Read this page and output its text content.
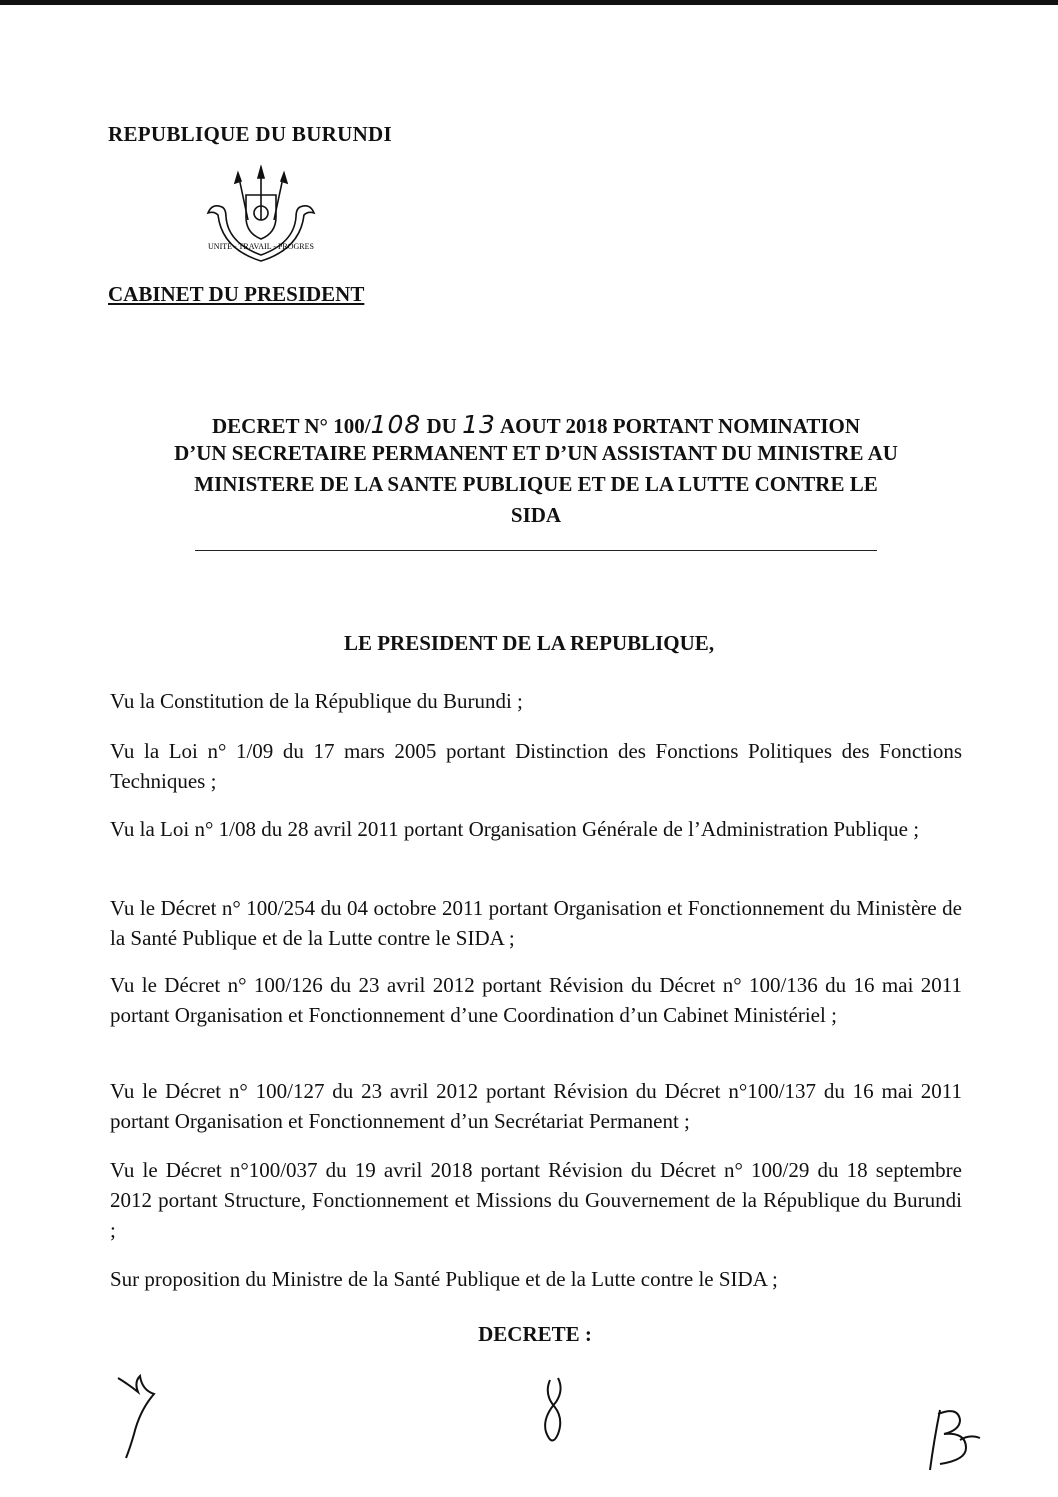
REPUBLIQUE DU BURUNDI
UNITE - TRAVAIL - PROGRES
CABINET DU PRESIDENT
DECRET N° 100/108 DU 13 AOUT 2018 PORTANT NOMINATION
D’UN SECRETAIRE PERMANENT ET D’UN ASSISTANT DU MINISTRE AU
MINISTERE DE LA SANTE PUBLIQUE ET DE LA LUTTE CONTRE LE
SIDA
LE PRESIDENT DE LA REPUBLIQUE,
Vu la Constitution de la République du Burundi ;
Vu la Loi n° 1/09 du 17 mars 2005 portant Distinction des Fonctions Politiques des Fonctions Techniques ;
Vu la Loi n° 1/08 du 28 avril 2011 portant Organisation Générale de l’Administration Publique ;
Vu le Décret n° 100/254 du 04 octobre 2011 portant Organisation et Fonctionnement du Ministère de la Santé Publique et de la Lutte contre le SIDA ;
Vu le Décret n° 100/126 du 23 avril 2012 portant Révision du Décret n° 100/136 du 16 mai 2011 portant Organisation et Fonctionnement d’une Coordination d’un Cabinet Ministériel ;
Vu le Décret n° 100/127 du 23 avril 2012 portant Révision du Décret n°100/137 du 16 mai 2011 portant Organisation et Fonctionnement d’un Secrétariat Permanent ;
Vu le Décret n°100/037 du 19 avril 2018 portant Révision du Décret n° 100/29 du 18 septembre 2012 portant Structure, Fonctionnement et Missions du Gouvernement de la République du Burundi ;
Sur proposition du Ministre de la Santé Publique et de la Lutte contre le SIDA ;
DECRETE :
